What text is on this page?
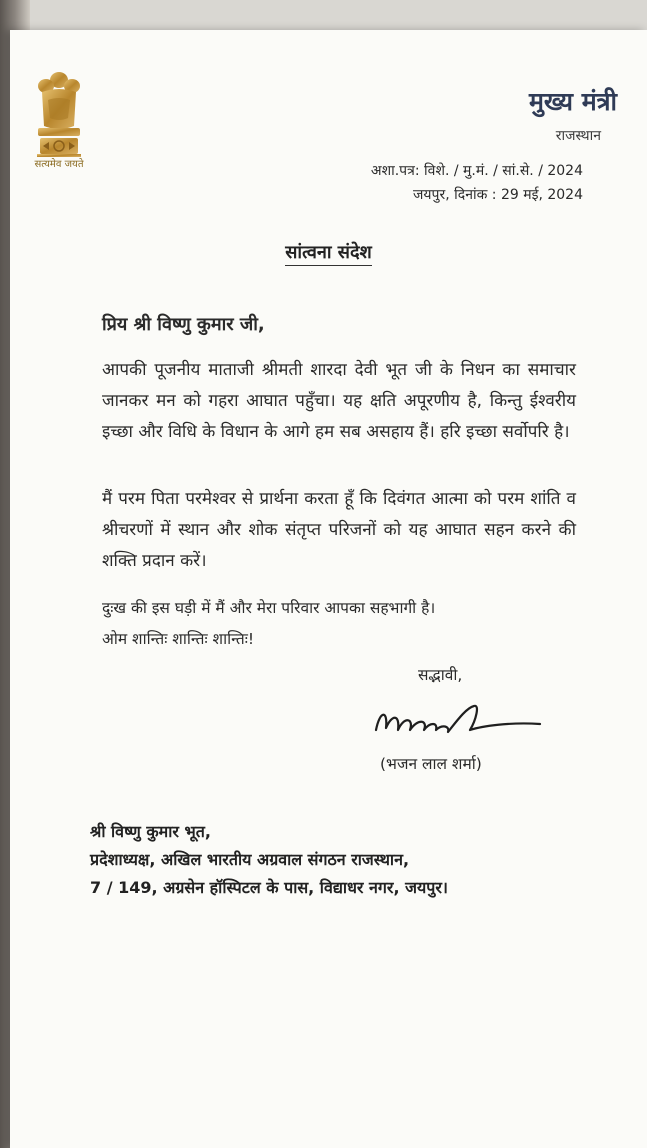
सत्यमेव जयते
मुख्य मंत्री
राजस्थान
अशा.पत्र: विशे. / मु.मं. / सां.से. / 2024
जयपुर, दिनांक : 29 मई, 2024
सांत्वना संदेश
प्रिय श्री विष्णु कुमार जी,
आपकी पूजनीय माताजी श्रीमती शारदा देवी भूत जी के निधन का समाचार जानकर मन को गहरा आघात पहुँचा। यह क्षति अपूरणीय है, किन्तु ईश्वरीय इच्छा और विधि के विधान के आगे हम सब असहाय हैं। हरि इच्छा सर्वोपरि है।
मैं परम पिता परमेश्वर से प्रार्थना करता हूँ कि दिवंगत आत्मा को परम शांति व श्रीचरणों में स्थान और शोक संतृप्त परिजनों को यह आघात सहन करने की शक्ति प्रदान करें।
दुःख की इस घड़ी में मैं और मेरा परिवार आपका सहभागी है।
ओम शान्तिः शान्तिः शान्तिः!
सद्भावी,
(भजन लाल शर्मा)
श्री विष्णु कुमार भूत,
प्रदेशाध्यक्ष, अखिल भारतीय अग्रवाल संगठन राजस्थान,
7 / 149, अग्रसेन हॉस्पिटल के पास, विद्याधर नगर, जयपुर।
